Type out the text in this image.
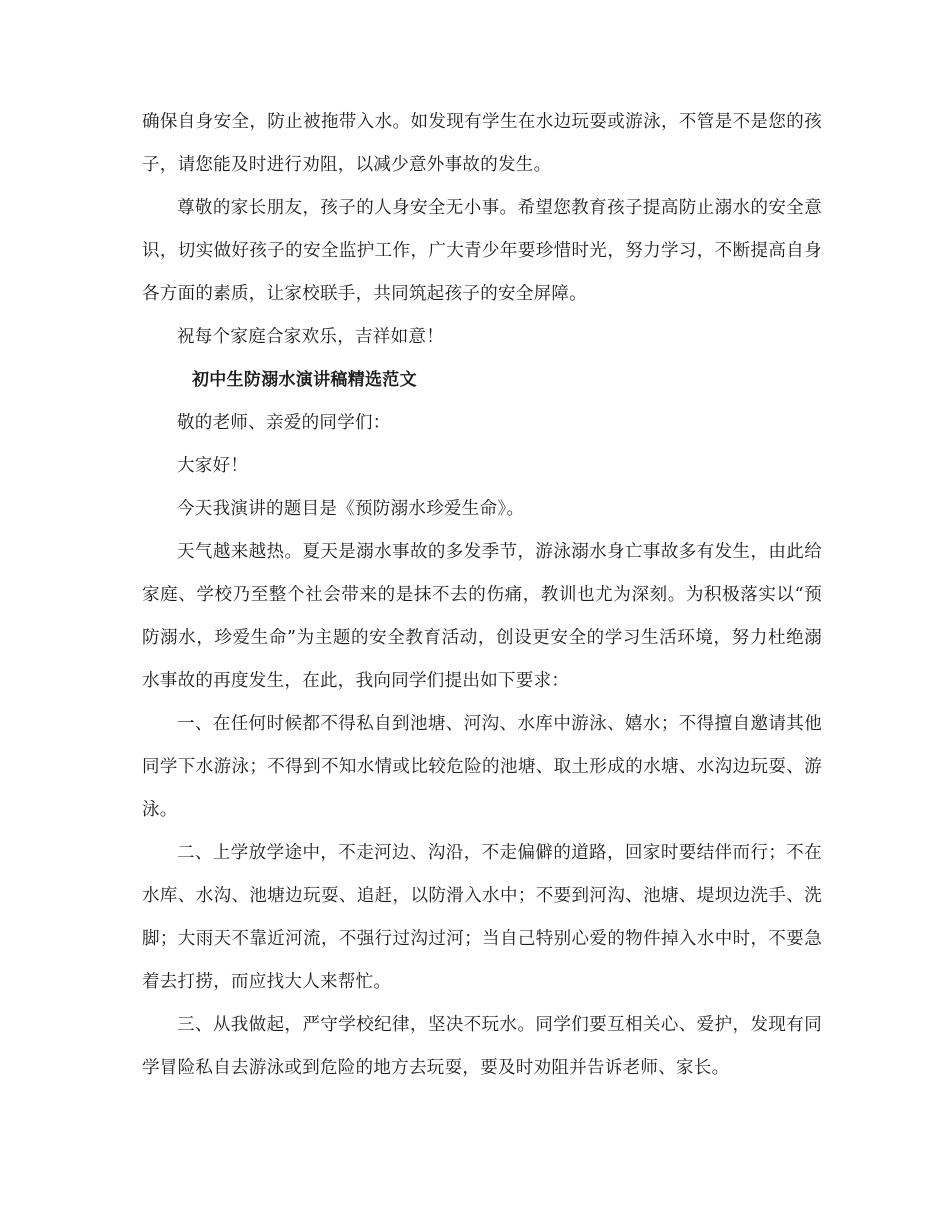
确保自身安全，防止被拖带入水。如发现有学生在水边玩耍或游泳，不管是不是您的孩子，请您能及时进行劝阻，以减少意外事故的发生。

尊敬的家长朋友，孩子的人身安全无小事。希望您教育孩子提高防止溺水的安全意识，切实做好孩子的安全监护工作，广大青少年要珍惜时光，努力学习，不断提高自身各方面的素质，让家校联手，共同筑起孩子的安全屏障。

祝每个家庭合家欢乐，吉祥如意！

初中生防溺水演讲稿精选范文

敬的老师、亲爱的同学们：

大家好！

今天我演讲的题目是《预防溺水珍爱生命》。

天气越来越热。夏天是溺水事故的多发季节，游泳溺水身亡事故多有发生，由此给家庭、学校乃至整个社会带来的是抹不去的伤痛，教训也尤为深刻。为积极落实以“预防溺水，珍爱生命”为主题的安全教育活动，创设更安全的学习生活环境，努力杜绝溺水事故的再度发生，在此，我向同学们提出如下要求：

一、在任何时候都不得私自到池塘、河沟、水库中游泳、嬉水；不得擅自邀请其他同学下水游泳；不得到不知水情或比较危险的池塘、取土形成的水塘、水沟边玩耍、游泳。

二、上学放学途中，不走河边、沟沿，不走偏僻的道路，回家时要结伴而行；不在水库、水沟、池塘边玩耍、追赶，以防滑入水中；不要到河沟、池塘、堤坝边洗手、洗脚；大雨天不靠近河流，不强行过沟过河；当自己特别心爱的物件掉入水中时，不要急着去打捞，而应找大人来帮忙。

三、从我做起，严守学校纪律，坚决不玩水。同学们要互相关心、爱护，发现有同学冒险私自去游泳或到危险的地方去玩耍，要及时劝阻并告诉老师、家长。
